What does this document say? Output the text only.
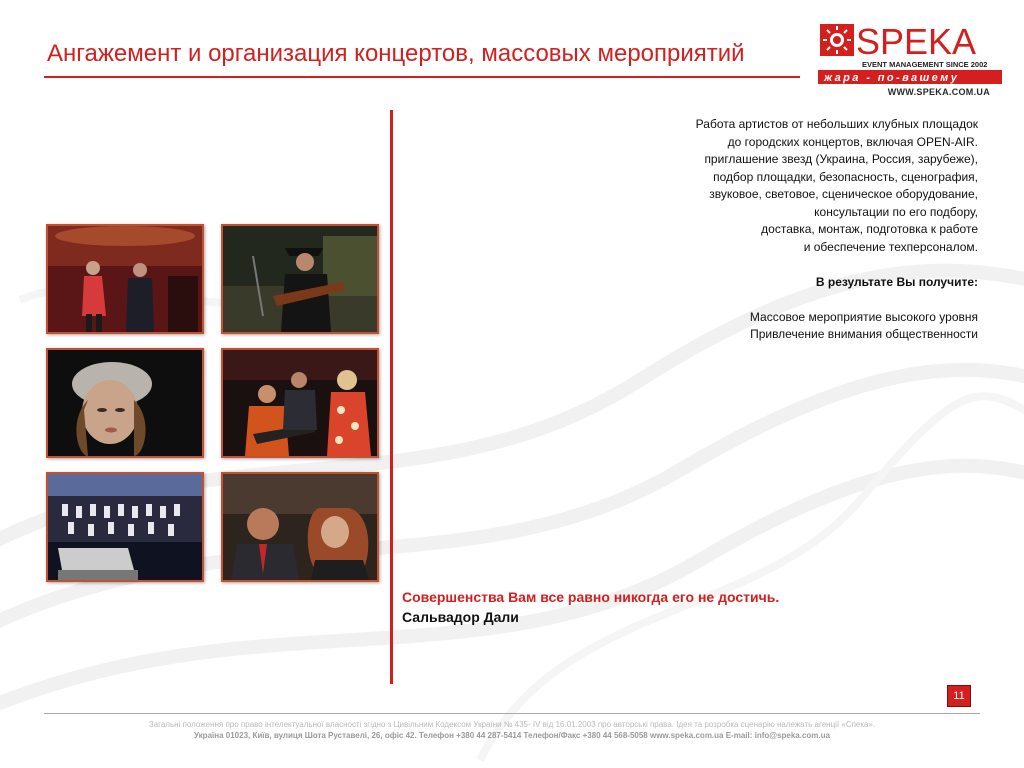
Ангажемент и организация концертов, массовых мероприятий	SPEKA
EVENT MANAGEMENT SINCE 2002
жара - по-вашему
WWW.SPEKA.COM.UA
Работа артистов от небольших клубных площадок
до городских концертов, включая OPEN-AIR.
приглашение звезд (Украина, Россия, зарубеже),
подбор площадки, безопасность, сценография,
звуковое, световое, сценическое оборудование,
консультации по его подбору,
доставка, монтаж, подготовка к работе
и обеспечение техперсоналом.
В результате Вы получите:
Массовое мероприятие высокого уровня
Привлечение внимания общественности
Совершенства Вам все равно никогда его не достичь.
Сальвадор Дали
11
Загальні положення про право інтелектуальної власності згідно з Цивільним Кодексом України № 435- IV від 16.01.2003 про авторські права. Ідея та розробка сценарію належать агенції «Спека».
Україна 01023, Київ, вулиця Шота Руставелі, 26, офіс 42. Телефон +380 44 287-5414 Телефон/Факс +380 44 568-5058 www.speka.com.ua E-mail: info@speka.com.ua
